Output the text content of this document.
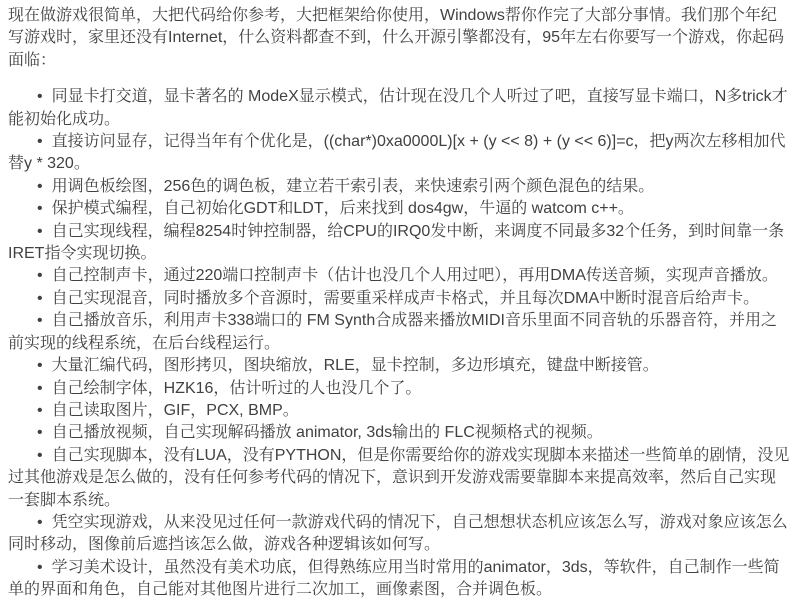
现在做游戏很简单，大把代码给你参考，大把框架给你使用，Windows帮你作完了大部分事情。我们那个年纪写游戏时，家里还没有Internet，什么资料都查不到，什么开源引擎都没有，95年左右你要写一个游戏，你起码面临：

• 同显卡打交道，显卡著名的 ModeX显示模式，估计现在没几个人听过了吧，直接写显卡端口，N多trick才能初始化成功。
• 直接访问显存，记得当年有个优化是，((char*)0xa0000L)[x + (y << 8) + (y << 6)]=c，把y两次左移相加代替y * 320。
• 用调色板绘图，256色的调色板，建立若干索引表，来快速索引两个颜色混色的结果。
• 保护模式编程，自己初始化GDT和LDT，后来找到 dos4gw，牛逼的 watcom c++。
• 自己实现线程，编程8254时钟控制器，给CPU的IRQ0发中断，来调度不同最多32个任务，到时间靠一条IRET指令实现切换。
• 自己控制声卡，通过220端口控制声卡（估计也没几个人用过吧），再用DMA传送音频，实现声音播放。
• 自己实现混音，同时播放多个音源时，需要重采样成声卡格式，并且每次DMA中断时混音后给声卡。
• 自己播放音乐，利用声卡338端口的 FM Synth合成器来播放MIDI音乐里面不同音轨的乐器音符，并用之前实现的线程系统，在后台线程运行。
• 大量汇编代码，图形拷贝，图块缩放，RLE，显卡控制，多边形填充，键盘中断接管。
• 自己绘制字体，HZK16，估计听过的人也没几个了。
• 自己读取图片，GIF，PCX, BMP。
• 自己播放视频，自己实现解码播放 animator, 3ds输出的 FLC视频格式的视频。
• 自己实现脚本，没有LUA，没有PYTHON，但是你需要给你的游戏实现脚本来描述一些简单的剧情，没见过其他游戏是怎么做的，没有任何参考代码的情况下，意识到开发游戏需要靠脚本来提高效率，然后自己实现一套脚本系统。
• 凭空实现游戏，从来没见过任何一款游戏代码的情况下，自己想想状态机应该怎么写，游戏对象应该怎么同时移动，图像前后遮挡该怎么做，游戏各种逻辑该如何写。
• 学习美术设计，虽然没有美术功底，但得熟练应用当时常用的animator，3ds，等软件，自己制作一些简单的界面和角色，自己能对其他图片进行二次加工，画像素图，合并调色板。
